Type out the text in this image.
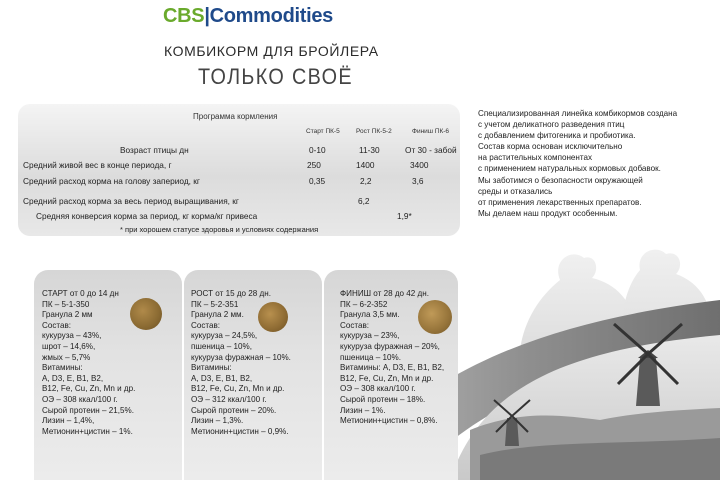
CBS|Commodities
КОМБИКОРМ ДЛЯ БРОЙЛЕРА
ТОЛЬКО СВОЁ
Программа кормления
Старт ПК-5	Рост ПК-5-2	Финиш ПК-6
Возраст птицы дн	0-10	11-30	От 30 - забой
Средний живой вес в конце периода, г	250	1400	3400
Средний расход корма на голову запериод, кг	0,35	2,2	3,6
Средний расход корма за весь период выращивания, кг	6,2
Средняя конверсия корма за период, кг корма/кг привеса	1,9*
* при хорошем статусе здоровья и условиях содержания
Специализированная линейка комбикормов создана
с учетом деликатного разведения птиц
с добавлением фитогеника и пробиотика.
Состав корма основан исключительно
на растительных компонентах
с применением натуральных кормовых добавок.
Мы заботимся о безопасности окружающей
среды и отказались
от применения лекарственных препаратов.
Мы делаем наш продукт особенным.
СТАРТ от 0 до 14 дн
ПК – 5-1-350
Гранула 2 мм
Состав:
кукуруза – 43%,
шрот – 14,6%,
жмых – 5,7%
Витамины:
А, D3, E, B1, B2,
B12, Fe, Cu, Zn, Mn и др.
ОЭ – 308 ккал/100 г.
Сырой протеин – 21,5%.
Лизин – 1,4%,
Метионин+цистин – 1%.
РОСТ от 15 до 28 дн.
ПК – 5-2-351
Гранула 2 мм.
Состав:
кукуруза – 24,5%,
пшеница – 10%,
кукуруза фуражная – 10%.
Витамины:
А, D3, E, B1, B2,
B12, Fe, Cu, Zn, Mn и др.
ОЭ – 312 ккал/100 г.
Сырой протеин – 20%.
Лизин – 1,3%.
Метионин+цистин – 0,9%.
ФИНИШ от 28 до 42 дн.
ПК – 6-2-352
Гранула 3,5 мм.
Состав:
кукуруза – 23%,
кукуруза фуражная – 20%,
пшеница – 10%.
Витамины: А, D3, E, B1, B2,
B12, Fe, Cu, Zn, Mn и др.
ОЭ – 308 ккал/100 г.
Сырой протеин – 18%.
Лизин – 1%.
Метионин+цистин – 0,8%.
